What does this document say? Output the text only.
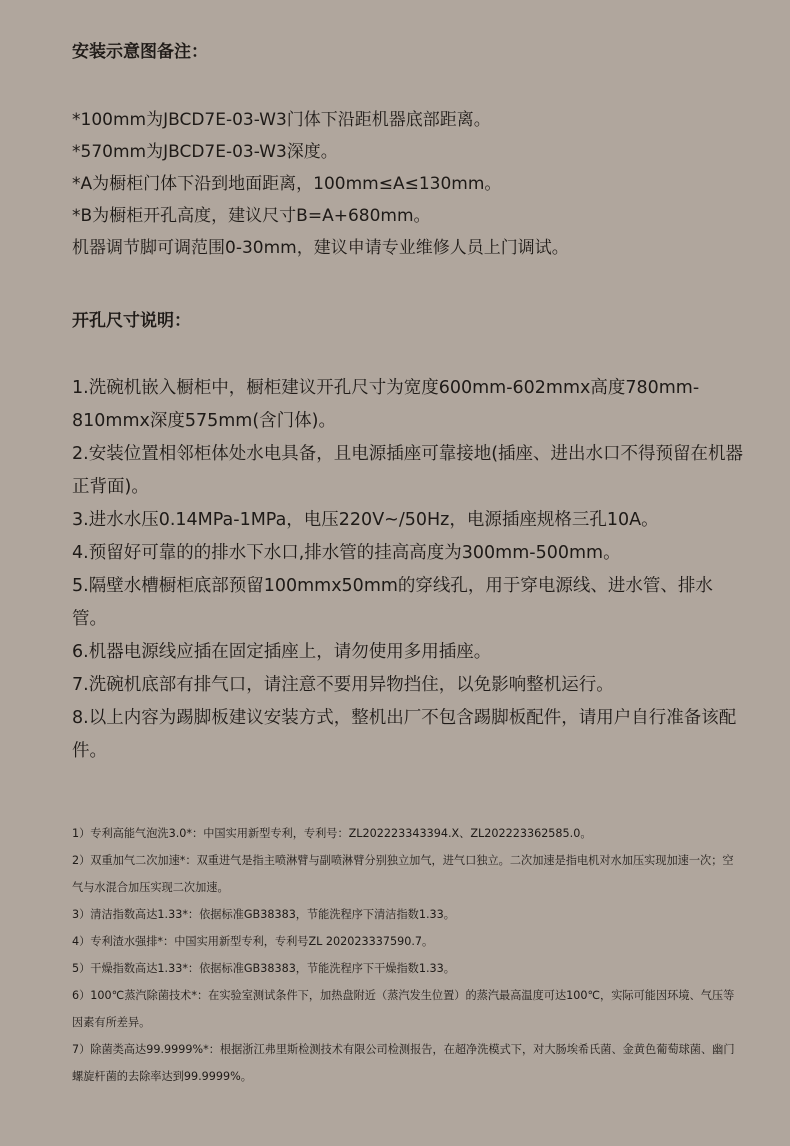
安装示意图备注：
*100mm为JBCD7E-03-W3门体下沿距机器底部距离。
*570mm为JBCD7E-03-W3深度。
*A为橱柜门体下沿到地面距离，100mm≤A≤130mm。
*B为橱柜开孔高度，建议尺寸B=A+680mm。
机器调节脚可调范围0-30mm，建议申请专业维修人员上门调试。
开孔尺寸说明：
1.洗碗机嵌入橱柜中，橱柜建议开孔尺寸为宽度600mm-602mmx高度780mm-810mmx深度575mm(含门体)。
2.安装位置相邻柜体处水电具备，且电源插座可靠接地(插座、进出水口不得预留在机器正背面)。
3.进水水压0.14MPa-1MPa，电压220V~/50Hz，电源插座规格三孔10A。
4.预留好可靠的的排水下水口,排水管的挂高高度为300mm-500mm。
5.隔壁水槽橱柜底部预留100mmx50mm的穿线孔，用于穿电源线、进水管、排水管。
6.机器电源线应插在固定插座上，请勿使用多用插座。
7.洗碗机底部有排气口，请注意不要用异物挡住，以免影响整机运行。
8.以上内容为踢脚板建议安装方式，整机出厂不包含踢脚板配件，请用户自行准备该配件。
1）专利高能气泡洗3.0*：中国实用新型专利，专利号：ZL202223343394.X、ZL202223362585.0。
2）双重加气二次加速*：双重进气是指主喷淋臂与副喷淋臂分别独立加气，进气口独立。二次加速是指电机对水加压实现加速一次；空气与水混合加压实现二次加速。
3）清洁指数高达1.33*：依据标准GB38383，节能洗程序下清洁指数1.33。
4）专利渣水强排*：中国实用新型专利，专利号ZL 202023337590.7。
5）干燥指数高达1.33*：依据标准GB38383，节能洗程序下干燥指数1.33。
6）100℃蒸汽除菌技术*：在实验室测试条件下，加热盘附近（蒸汽发生位置）的蒸汽最高温度可达100℃，实际可能因环境、气压等因素有所差异。
7）除菌类高达99.9999%*：根据浙江弗里斯检测技术有限公司检测报告，在超净洗模式下，对大肠埃希氏菌、金黄色葡萄球菌、幽门螺旋杆菌的去除率达到99.9999%。
